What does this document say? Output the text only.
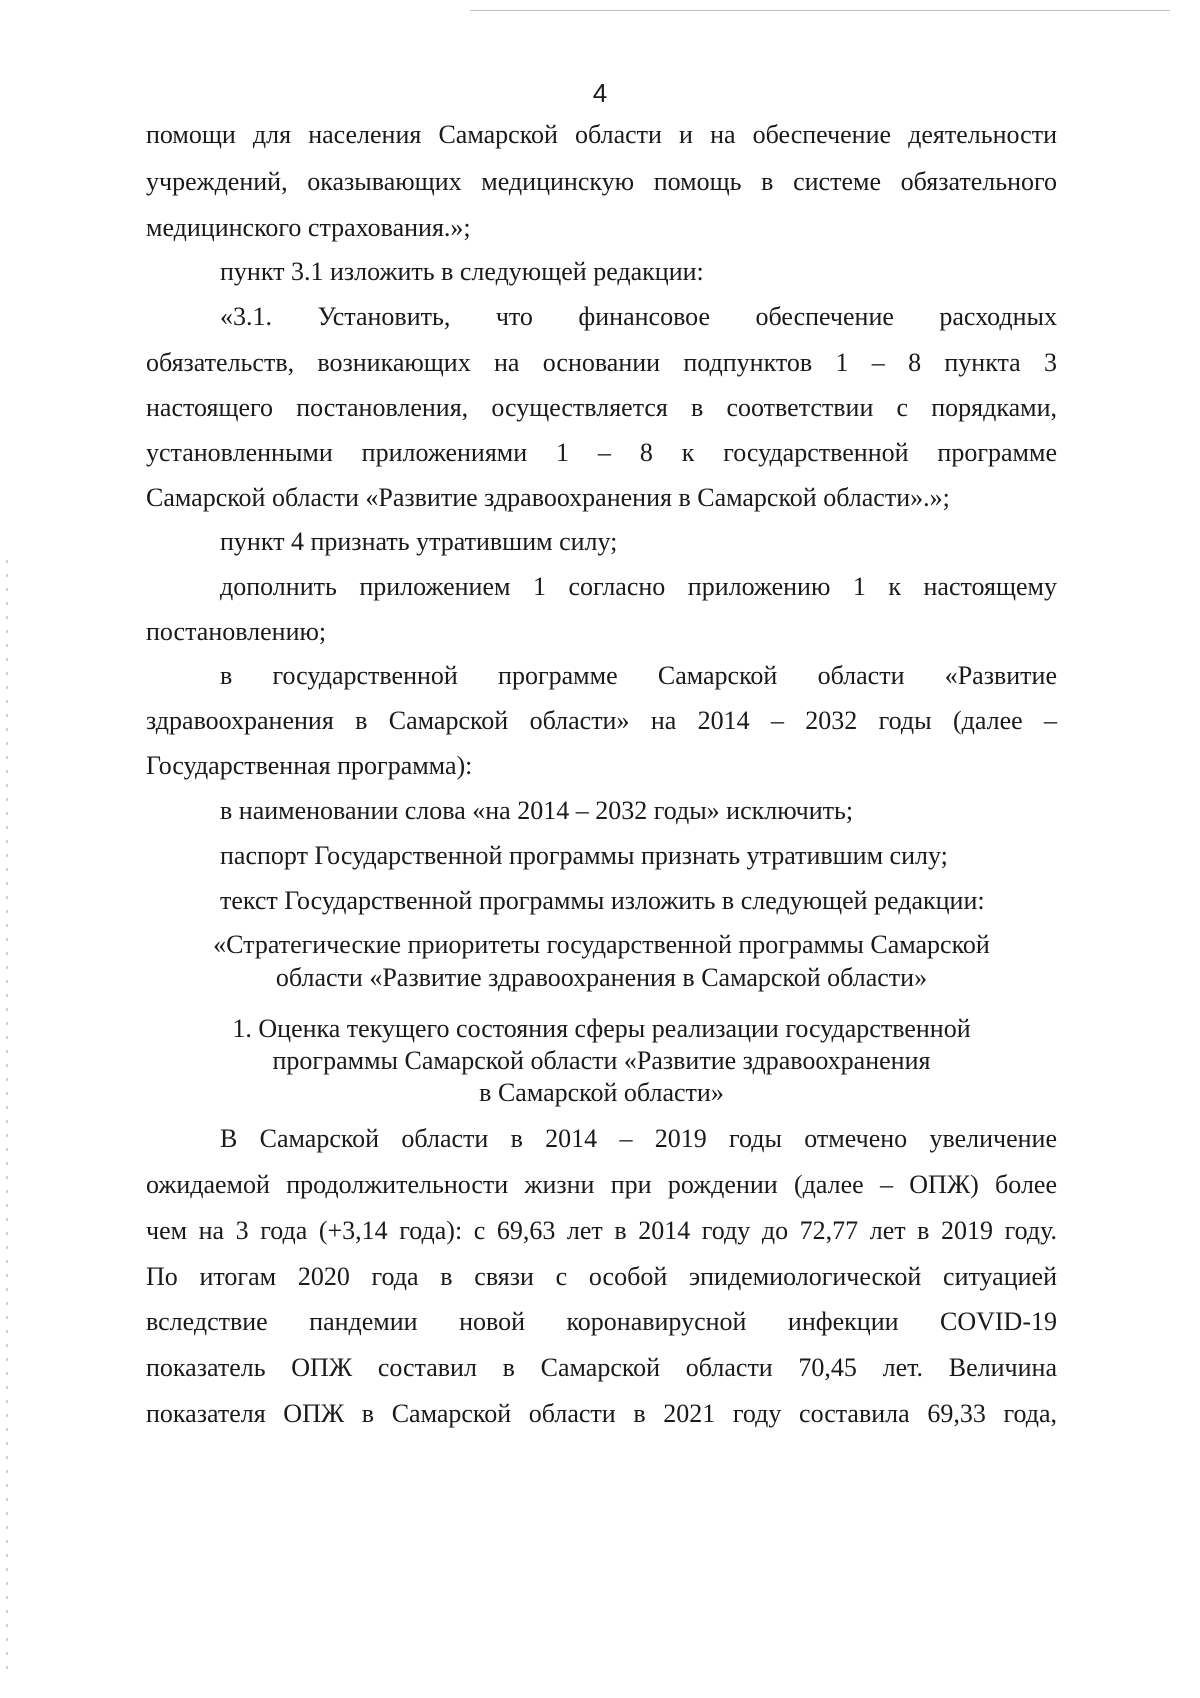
4
помощи для населения Самарской области и на обеспечение деятельности
учреждений, оказывающих медицинскую помощь в системе обязательного
медицинского страхования.»;
пункт 3.1 изложить в следующей редакции:
«3.1. Установить, что финансовое обеспечение расходных
обязательств, возникающих на основании подпунктов 1 – 8 пункта 3
настоящего постановления, осуществляется в соответствии с порядками,
установленными приложениями 1 – 8 к государственной программе
Самарской области «Развитие здравоохранения в Самарской области».»;
пункт 4 признать утратившим силу;
дополнить приложением 1 согласно приложению 1 к настоящему
постановлению;
в государственной программе Самарской области «Развитие
здравоохранения в Самарской области» на 2014 – 2032 годы (далее –
Государственная программа):
в наименовании слова «на 2014 – 2032 годы» исключить;
паспорт Государственной программы признать утратившим силу;
текст Государственной программы изложить в следующей редакции:
«Стратегические приоритеты государственной программы Самарской
области «Развитие здравоохранения в Самарской области»
1. Оценка текущего состояния сферы реализации государственной
программы Самарской области «Развитие здравоохранения
в Самарской области»
В Самарской области в 2014 – 2019 годы отмечено увеличение
ожидаемой продолжительности жизни при рождении (далее – ОПЖ) более
чем на 3 года (+3,14 года): с 69,63 лет в 2014 году до 72,77 лет в 2019 году.
По итогам 2020 года в связи с особой эпидемиологической ситуацией
вследствие пандемии новой коронавирусной инфекции COVID-19
показатель ОПЖ составил в Самарской области 70,45 лет. Величина
показателя ОПЖ в Самарской области в 2021 году составила 69,33 года,
